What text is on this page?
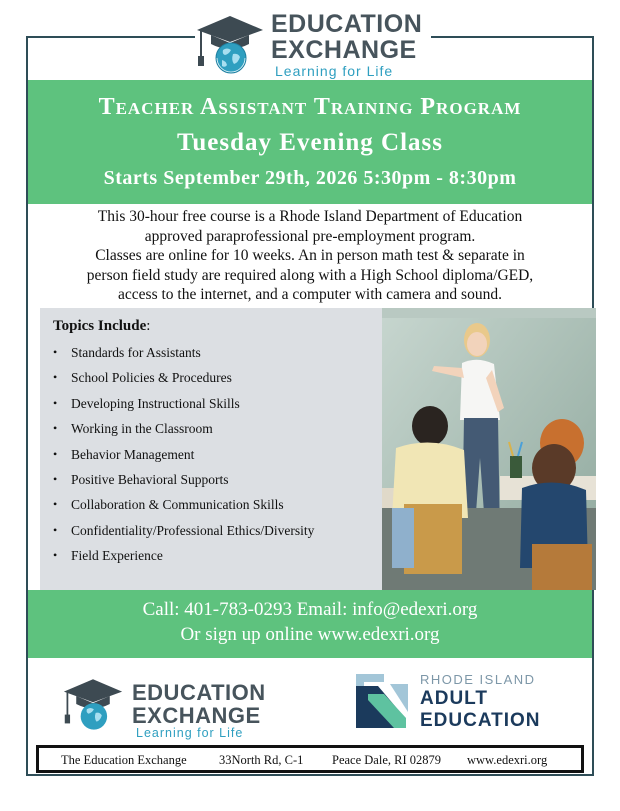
EDUCATION
EXCHANGE
Learning for Life
Teacher Assistant Training Program
Tuesday Evening Class
Starts September 29th, 2026 5:30pm - 8:30pm
This 30-hour free course is a Rhode Island Department of Education
approved paraprofessional pre-employment program.
Classes are online for 10 weeks. An in person math test & separate in
person field study are required along with a High School diploma/GED,
access to the internet, and a computer with camera and sound.
Topics Include:
• Standards for Assistants
• School Policies & Procedures
• Developing Instructional Skills
• Working in the Classroom
• Behavior Management
• Positive Behavioral Supports
• Collaboration & Communication Skills
• Confidentiality/Professional Ethics/Diversity
• Field Experience
Call: 401-783-0293 Email: info@edexri.org
Or sign up online www.edexri.org
EDUCATION
EXCHANGE
Learning for Life
RHODE ISLAND
ADULT
EDUCATION
The Education Exchange	33North Rd, C-1 Peace Dale, RI 02879 www.edexri.org
